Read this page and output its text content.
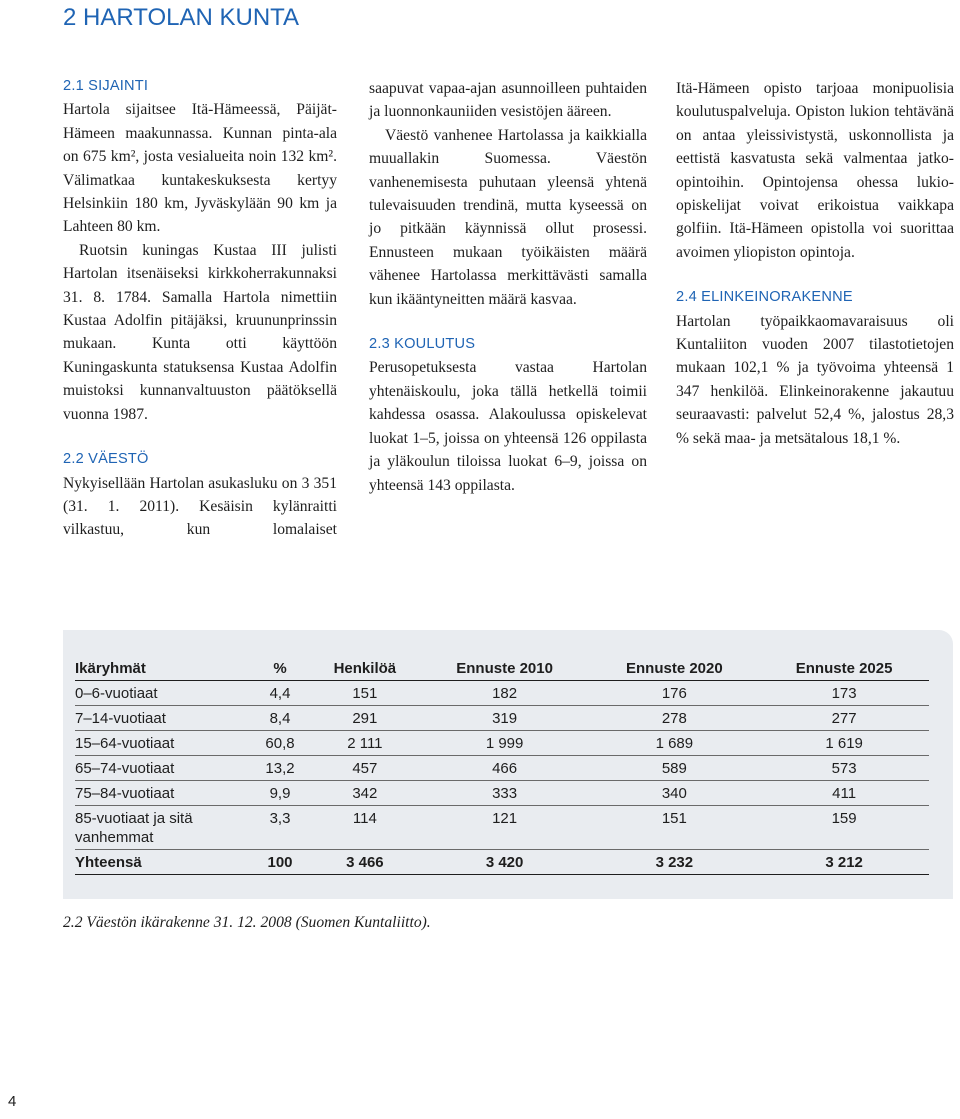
2 HARTOLAN KUNTA
2.1 SIJAINTI

Hartola sijaitsee Itä-Hämeessä, Päijät-Hämeen maakunnassa. Kunnan pinta-ala on 675 km², josta vesialueita noin 132 km². Välimatkaa kuntakeskuksesta kertyy Helsinkiin 180 km, Jyväskylään 90 km ja Lahteen 80 km.

Ruotsin kuningas Kustaa III julisti Hartolan itsenäiseksi kirkkoherrakunnaksi 31. 8. 1784. Samalla Hartola nimettiin Kustaa Adolfin pitäjäksi, kruununprinssin mukaan. Kunta otti käyttöön Kuningaskunta statuksensa Kustaa Adolfin muistoksi kunnanvaltuuston päätöksellä vuonna 1987.

2.2 VÄESTÖ

Nykyisellään Hartolan asukasluku on 3 351 (31. 1. 2011). Kesäisin kylänraitti vilkastuu, kun lomalaiset

saapuvat vapaa-ajan asunnoilleen puhtaiden ja luonnonkauniiden vesistöjen ääreen.

Väestö vanhenee Hartolassa ja kaikkialla muuallakin Suomessa. Väestön vanhenemisesta puhutaan yleensä yhtenä tulevaisuuden trendinä, mutta kyseessä on jo pitkään käynnissä ollut prosessi. Ennusteen mukaan työikäisten määrä vähenee Hartolassa merkittävästi samalla kun ikääntyneitten määrä kasvaa.

2.3 KOULUTUS

Perusopetuksesta vastaa Hartolan yhtenäiskoulu, joka tällä hetkellä toimii kahdessa osassa. Alakoulussa opiskelevat luokat 1–5, joissa on yhteensä 126 oppilasta ja yläkoulun tiloissa luokat 6–9, joissa on yhteensä 143 oppilasta.

Itä-Hämeen opisto tarjoaa monipuolisia koulutuspalveluja. Opiston lukion tehtävänä on antaa yleissivistystä, uskonnollista ja eettistä kasvatusta sekä valmentaa jatko-opintoihin. Opintojensa ohessa lukio-opiskelijat voivat erikoistua vaikkapa golfiin. Itä-Hämeen opistolla voi suorittaa avoimen yliopiston opintoja.

2.4 ELINKEINORAKENNE

Hartolan työpaikkaomavaraisuus oli Kuntaliiton vuoden 2007 tilastotietojen mukaan 102,1 % ja työvoima yhteensä 1 347 henkilöä. Elinkeinorakenne jakautuu seuraavasti: palvelut 52,4 %, jalostus 28,3 % sekä maa- ja metsätalous 18,1 %.

Ikäryhmät	%	Henkilöä	Ennuste 2010	Ennuste 2020	Ennuste 2025
0–6-vuotiaat	4,4	151	182	176	173
7–14-vuotiaat	8,4	291	319	278	277
15–64-vuotiaat	60,8	2 111	1 999	1 689	1 619
65–74-vuotiaat	13,2	457	466	589	573
75–84-vuotiaat	9,9	342	333	340	411
85-vuotiaat ja sitä vanhemmat	3,3	114	121	151	159
Yhteensä	100	3 466	3 420	3 232	3 212
2.2 Väestön ikärakenne 31. 12. 2008 (Suomen Kuntaliitto).
4
